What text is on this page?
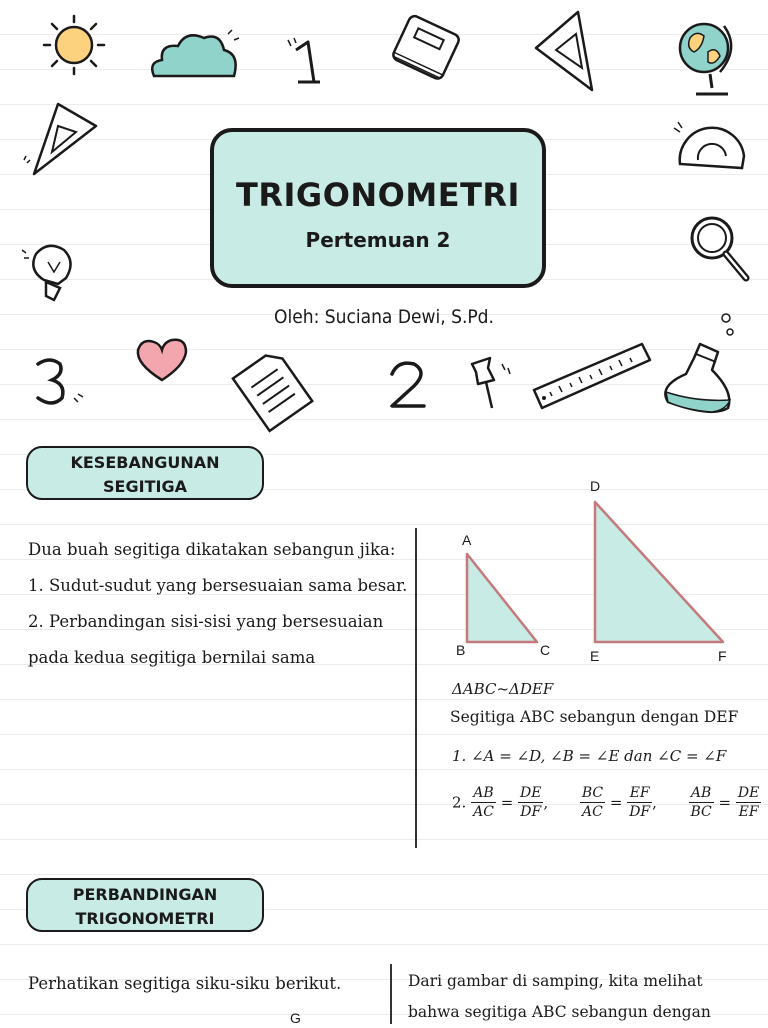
TRIGONOMETRI
Pertemuan 2
Oleh: Suciana Dewi, S.Pd.
KESEBANGUNAN
SEGITIGA
Dua buah segitiga dikatakan sebangun jika:
1. Sudut-sudut yang bersesuaian sama besar.
2. Perbandingan sisi-sisi yang bersesuaian
pada kedua segitiga bernilai sama
A
B	C
D
E	F
ΔABC~ΔDEF
Segitiga ABC sebangun dengan DEF
1. ∠A = ∠D, ∠B = ∠E dan ∠C = ∠F
2. $\frac{AB}{AC} = \frac{DE}{DF}$ , $\frac{BC}{AC} = \frac{EF}{DF}$ , $\frac{AB}{BC} = \frac{DE}{EF}$
PERBANDINGAN
TRIGONOMETRI
Perhatikan segitiga siku-siku berikut.
G
Dari gambar di samping, kita melihat
bahwa segitiga ABC sebangun dengan
